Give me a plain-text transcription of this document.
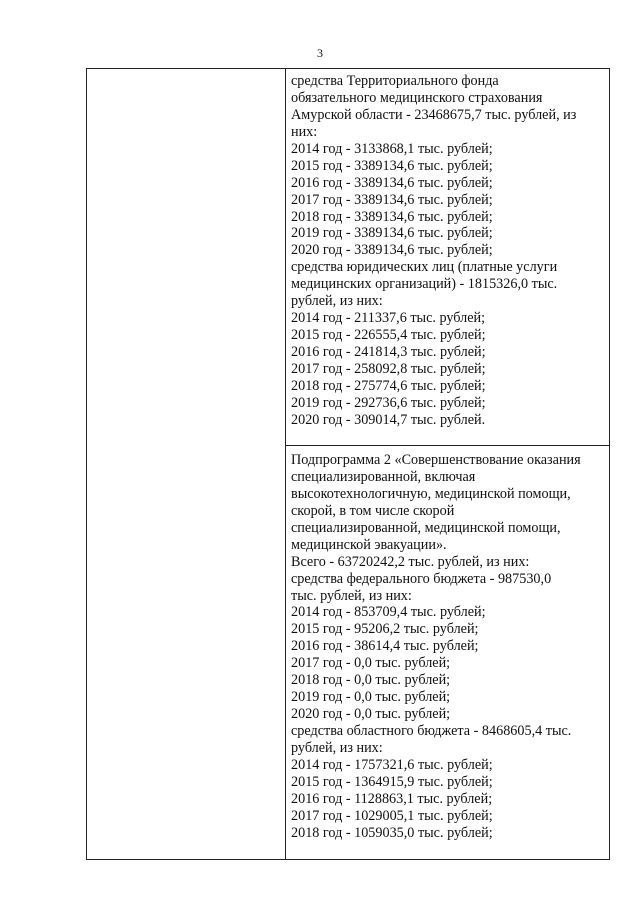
3
средства Территориального фонда
обязательного медицинского страхования
Амурской области - 23468675,7 тыс. рублей, из
них:
2014 год - 3133868,1 тыс. рублей;
2015 год - 3389134,6 тыс. рублей;
2016 год - 3389134,6 тыс. рублей;
2017 год - 3389134,6 тыс. рублей;
2018 год - 3389134,6 тыс. рублей;
2019 год - 3389134,6 тыс. рублей;
2020 год - 3389134,6 тыс. рублей;
средства юридических лиц (платные услуги
медицинских организаций) - 1815326,0 тыс.
рублей, из них:
2014 год - 211337,6 тыс. рублей;
2015 год - 226555,4 тыс. рублей;
2016 год - 241814,3 тыс. рублей;
2017 год - 258092,8 тыс. рублей;
2018 год - 275774,6 тыс. рублей;
2019 год - 292736,6 тыс. рублей;
2020 год - 309014,7 тыс. рублей.
Подпрограмма 2 «Совершенствование оказания
специализированной, включая
высокотехнологичную, медицинской помощи,
скорой, в том числе скорой
специализированной, медицинской помощи,
медицинской эвакуации».
Всего - 63720242,2 тыс. рублей, из них:
средства федерального бюджета - 987530,0
тыс. рублей, из них:
2014 год - 853709,4 тыс. рублей;
2015 год - 95206,2 тыс. рублей;
2016 год - 38614,4 тыс. рублей;
2017 год - 0,0 тыс. рублей;
2018 год - 0,0 тыс. рублей;
2019 год - 0,0 тыс. рублей;
2020 год - 0,0 тыс. рублей;
средства областного бюджета - 8468605,4 тыс.
рублей, из них:
2014 год - 1757321,6 тыс. рублей;
2015 год - 1364915,9 тыс. рублей;
2016 год - 1128863,1 тыс. рублей;
2017 год - 1029005,1 тыс. рублей;
2018 год - 1059035,0 тыс. рублей;
